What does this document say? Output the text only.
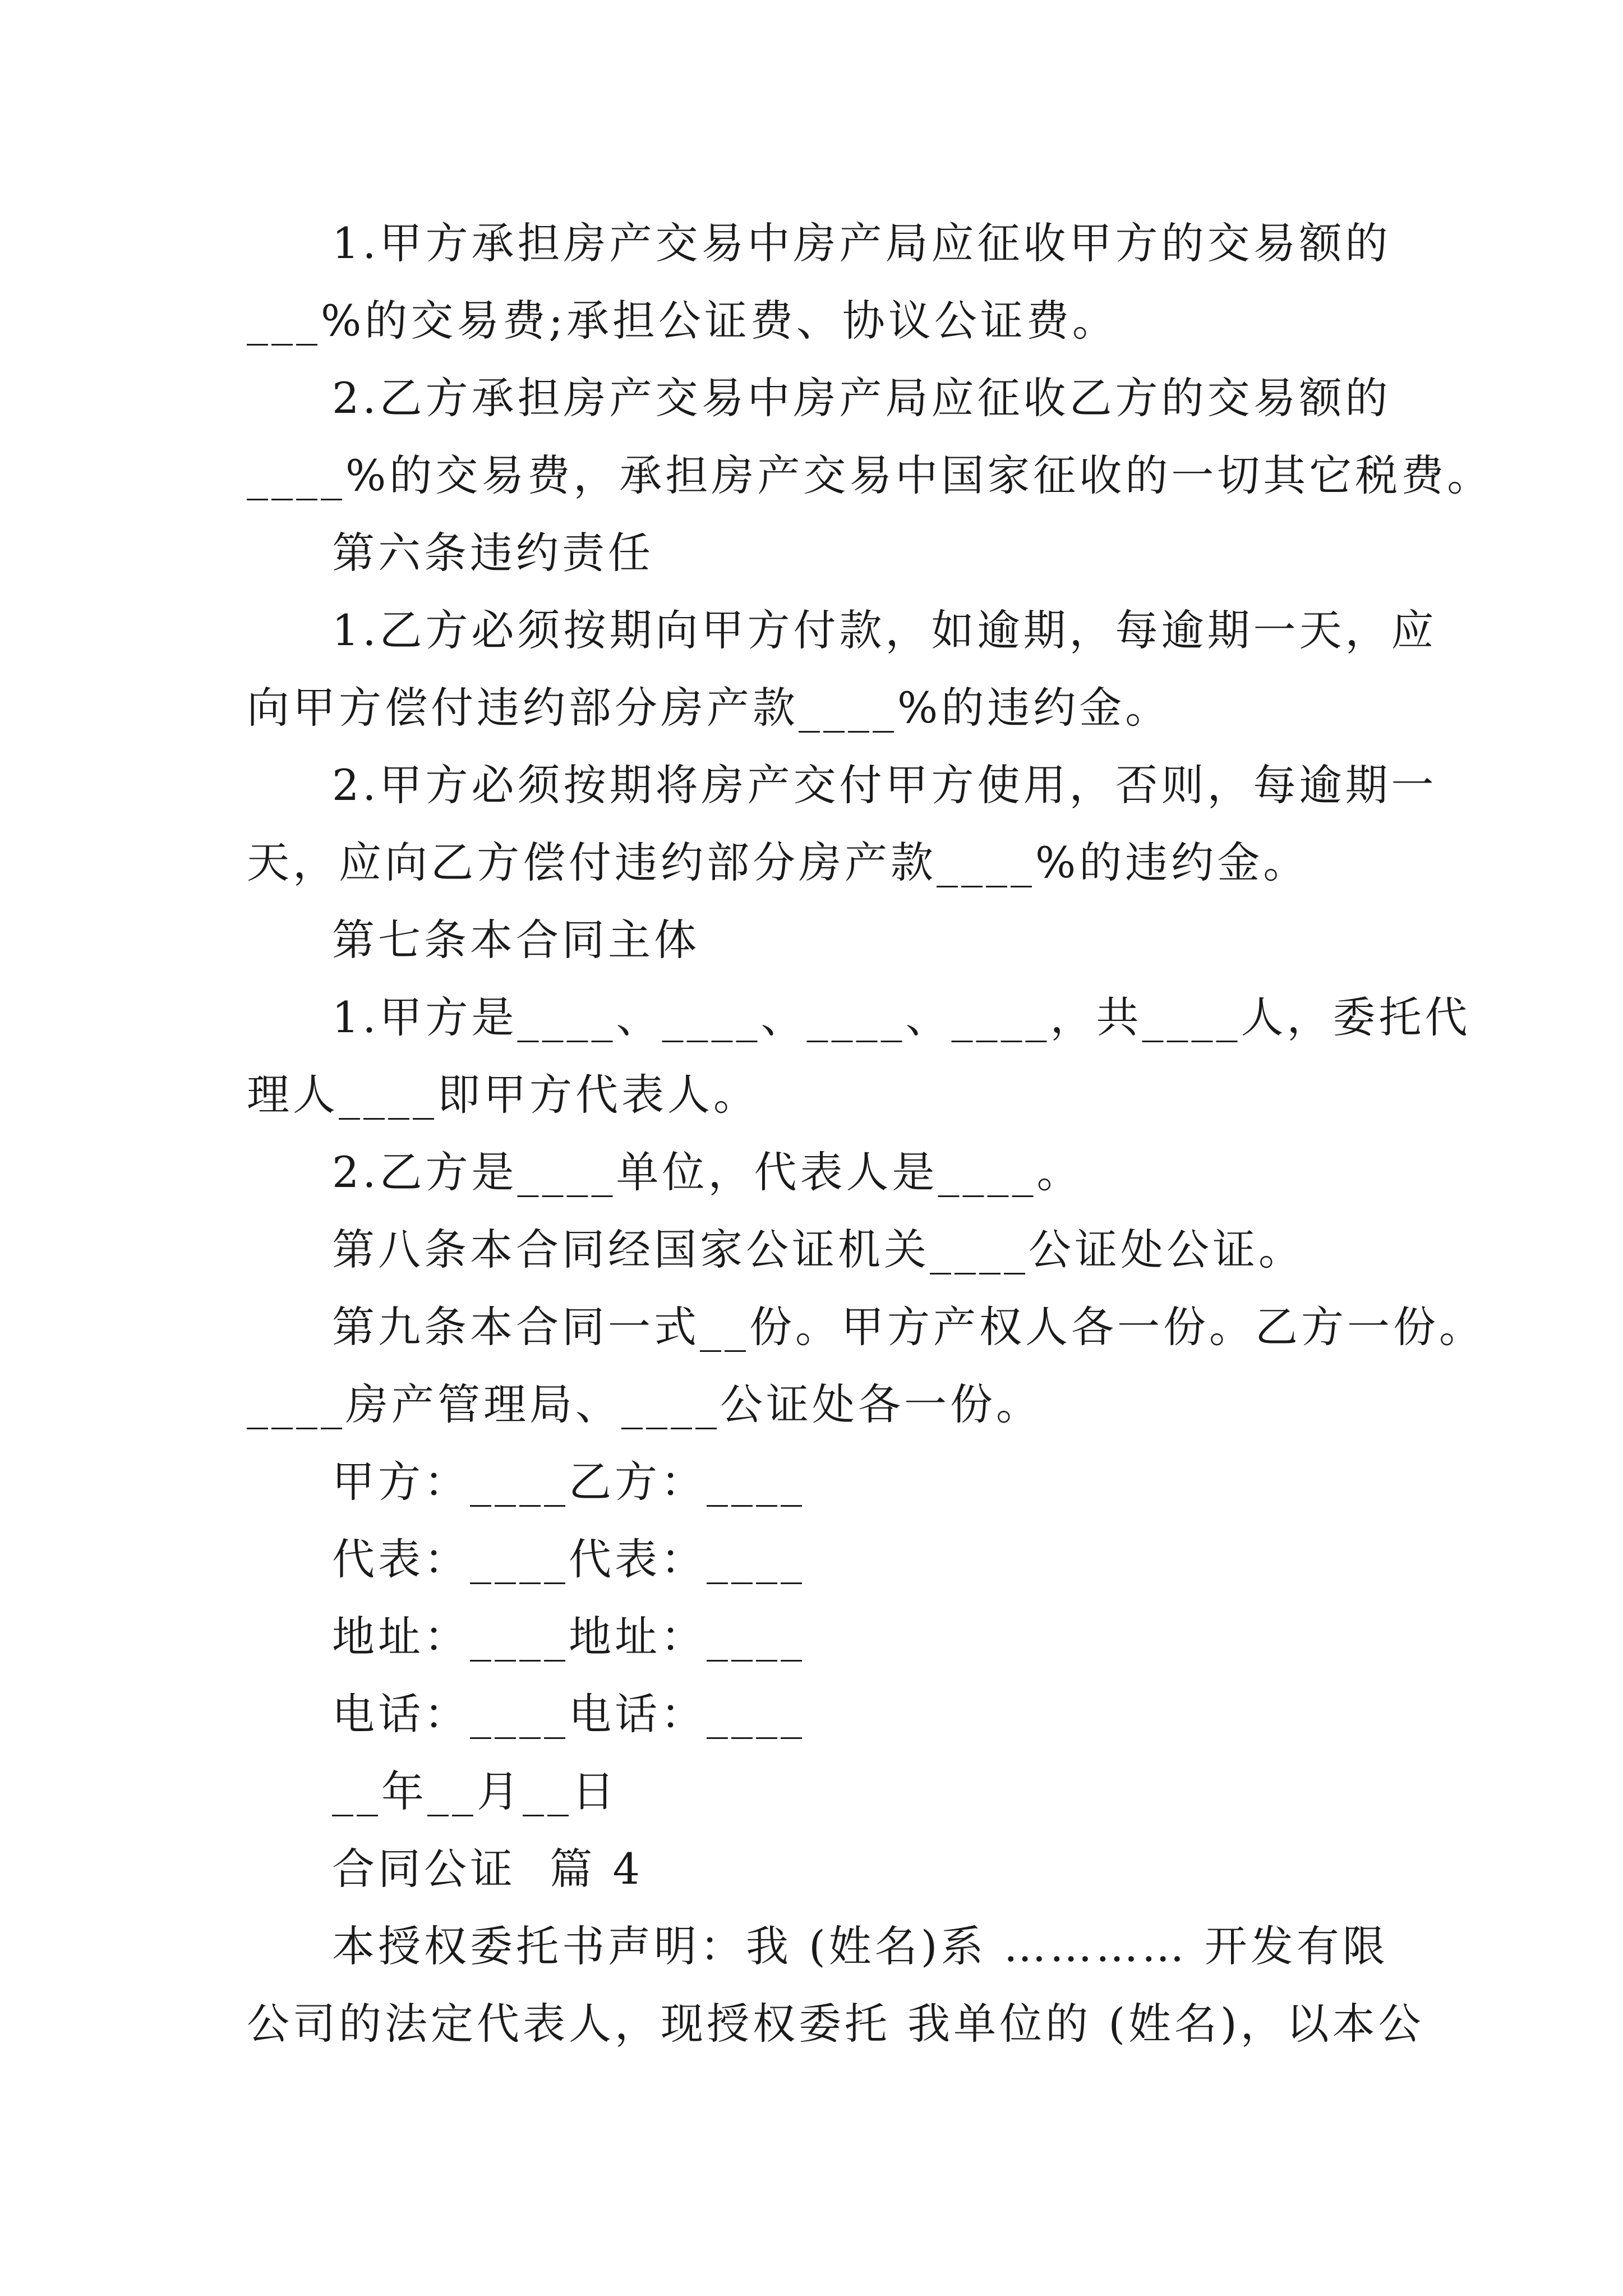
1.甲方承担房产交易中房产局应征收甲方的交易额的
___%的交易费;承担公证费、协议公证费。
2.乙方承担房产交易中房产局应征收乙方的交易额的
____%的交易费，承担房产交易中国家征收的一切其它税费。
第六条违约责任
1.乙方必须按期向甲方付款，如逾期，每逾期一天，应
向甲方偿付违约部分房产款____%的违约金。
2.甲方必须按期将房产交付甲方使用，否则，每逾期一
天，应向乙方偿付违约部分房产款____%的违约金。
第七条本合同主体
1.甲方是____、____、____、____，共____人，委托代
理人____即甲方代表人。
2.乙方是____单位，代表人是____。
第八条本合同经国家公证机关____公证处公证。
第九条本合同一式__份。甲方产权人各一份。乙方一份。
____房产管理局、____公证处各一份。
甲方：____乙方：____
代表：____代表：____
地址：____地址：____
电话：____电话：____
__年__月__日
合同公证  篇 4
本授权委托书声明：我 (姓名)系 ………… 开发有限
公司的法定代表人，现授权委托 我单位的 (姓名)，以本公
